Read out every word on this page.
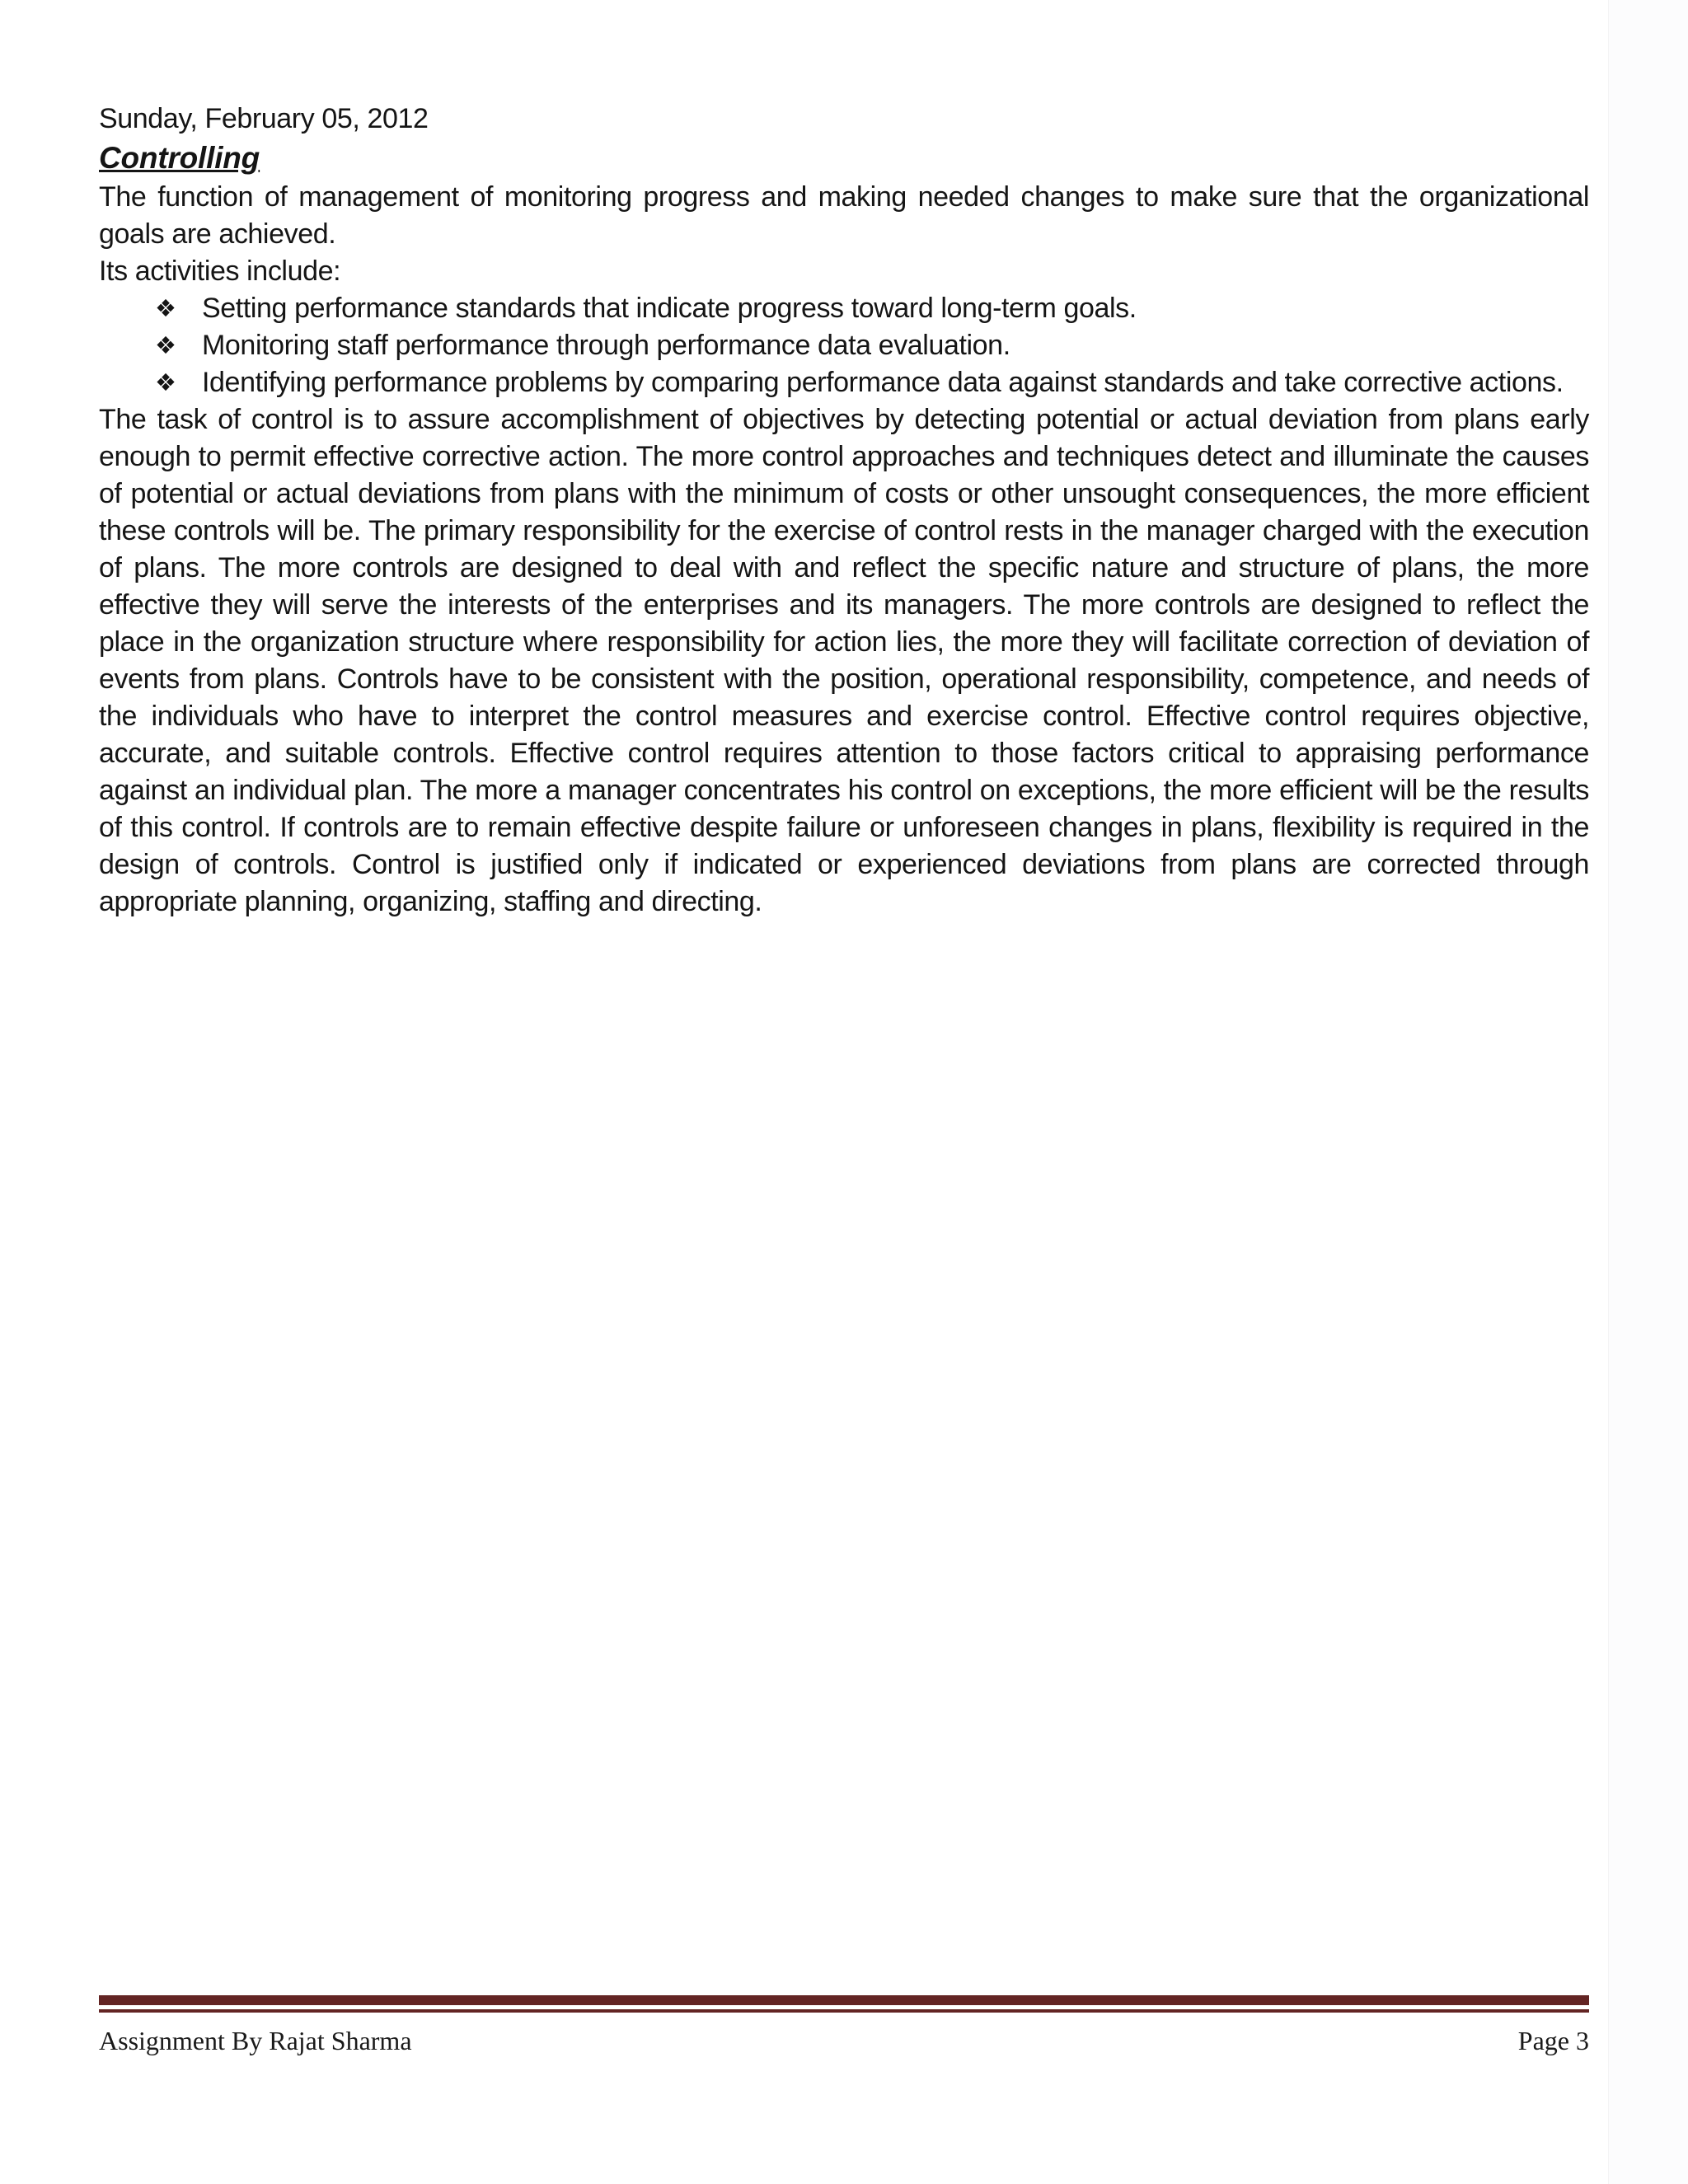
Sunday, February 05, 2012
Controlling

The function of management of monitoring progress and making needed changes to make sure that the organizational goals are achieved.

Its activities include:
❖ Setting performance standards that indicate progress toward long-term goals.
❖ Monitoring staff performance through performance data evaluation.
❖ Identifying performance problems by comparing performance data against standards and take corrective actions.

The task of control is to assure accomplishment of objectives by detecting potential or actual deviation from plans early enough to permit effective corrective action. The more control approaches and techniques detect and illuminate the causes of potential or actual deviations from plans with the minimum of costs or other unsought consequences, the more efficient these controls will be. The primary responsibility for the exercise of control rests in the manager charged with the execution of plans. The more controls are designed to deal with and reflect the specific nature and structure of plans, the more effective they will serve the interests of the enterprises and its managers. The more controls are designed to reflect the place in the organization structure where responsibility for action lies, the more they will facilitate correction of deviation of events from plans. Controls have to be consistent with the position, operational responsibility, competence, and needs of the individuals who have to interpret the control measures and exercise control. Effective control requires objective, accurate, and suitable controls. Effective control requires attention to those factors critical to appraising performance against an individual plan. The more a manager concentrates his control on exceptions, the more efficient will be the results of this control. If controls are to remain effective despite failure or unforeseen changes in plans, flexibility is required in the design of controls. Control is justified only if indicated or experienced deviations from plans are corrected through appropriate planning, organizing, staffing and directing.

Assignment By Rajat Sharma	Page 3
